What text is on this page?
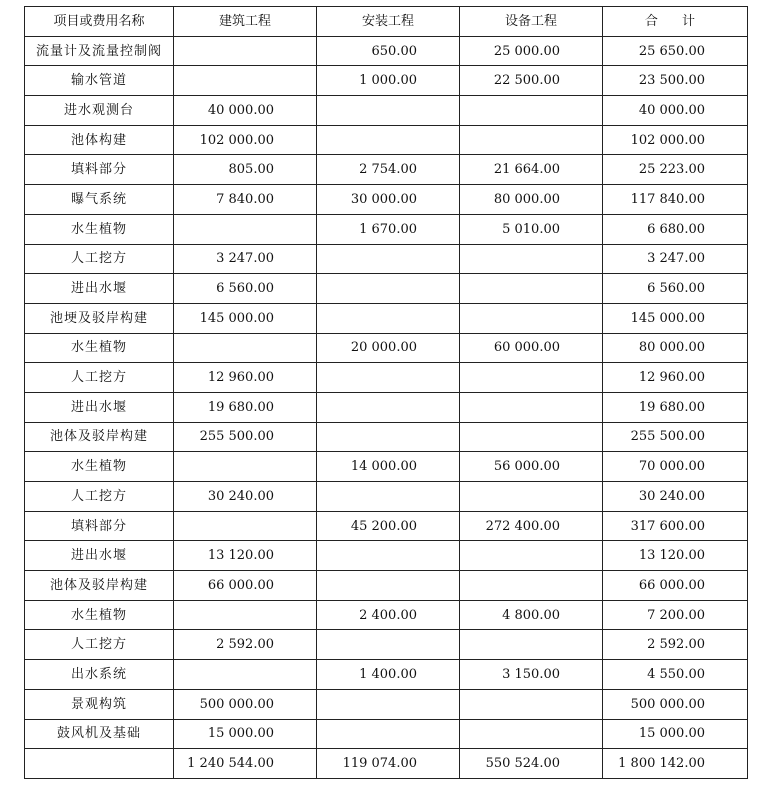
项目或费用名称	建筑工程	安装工程	设备工程	合 计
流量计及流量控制阀		650.00	25 000.00	25 650.00
输水管道		1 000.00	22 500.00	23 500.00
进水观测台	40 000.00			40 000.00
池体构建	102 000.00			102 000.00
填料部分	805.00	2 754.00	21 664.00	25 223.00
曝气系统	7 840.00	30 000.00	80 000.00	117 840.00
水生植物		1 670.00	5 010.00	6 680.00
人工挖方	3 247.00			3 247.00
进出水堰	6 560.00			6 560.00
池埂及驳岸构建	145 000.00			145 000.00
水生植物		20 000.00	60 000.00	80 000.00
人工挖方	12 960.00			12 960.00
进出水堰	19 680.00			19 680.00
池体及驳岸构建	255 500.00			255 500.00
水生植物		14 000.00	56 000.00	70 000.00
人工挖方	30 240.00			30 240.00
填料部分		45 200.00	272 400.00	317 600.00
进出水堰	13 120.00			13 120.00
池体及驳岸构建	66 000.00			66 000.00
水生植物		2 400.00	4 800.00	7 200.00
人工挖方	2 592.00			2 592.00
出水系统		1 400.00	3 150.00	4 550.00
景观构筑	500 000.00			500 000.00
鼓风机及基础	15 000.00			15 000.00
	1 240 544.00	119 074.00	550 524.00	1 800 142.00
